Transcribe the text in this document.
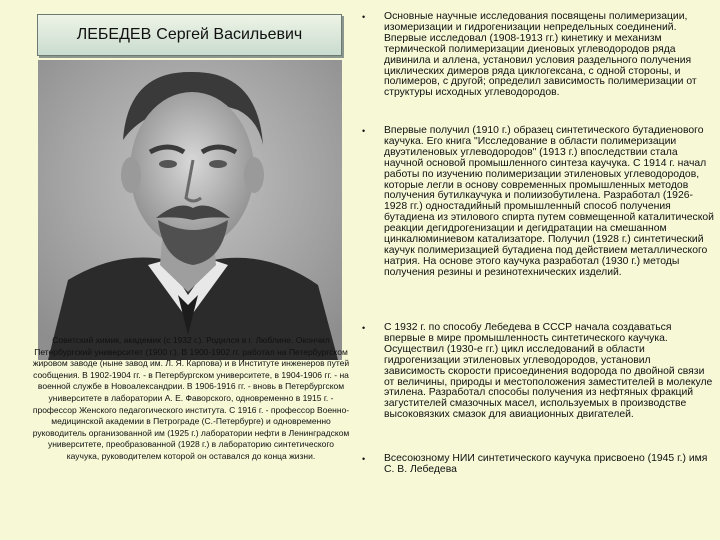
ЛЕБЕДЕВ Сергей Васильевич
Советский химик, академик (с 1932 г.). Родился в г. Люблине. Окончил Петербургский университет (1900 г.). В 1900-1902 гг. работал на Петербургском жировом заводе (ныне завод им. Л. Я. Карпова) и в Институте инженеров путей сообщения. В 1902-1904 гг. - в Петербургском университете, в 1904-1906 гг. - на военной службе в Новоалександрии. В 1906-1916 гг. - вновь в Петербургском университете в лаборатории А. Е. Фаворского, одновременно в 1915 г. - профессор Женского педагогического института. С 1916 г. - профессор Военно-медицинской академии в Петрограде (С.-Петербурге) и одновременно руководитель организованной им (1925 г.) лаборатории нефти в Ленинградском университете, преобразованной (1928 г.) в лабораторию синтетического каучука, руководителем которой он оставался до конца жизни.
•	Основные научные исследования посвящены полимеризации, изомеризации и гидрогенизации непредельных соединений. Впервые исследовал (1908-1913 гг.) кинетику и механизм термической полимеризации диеновых углеводородов ряда дивинила и аллена, установил условия раздельного получения циклических димеров ряда циклогексана, с одной стороны, и полимеров, с другой; определил зависимость полимеризации от структуры исходных углеводородов.
•	Впервые получил (1910 г.) образец синтетического бутадиенового каучука. Его книга "Исследование в области полимеризации двуэтиленовых углеводородов" (1913 г.) впоследствии стала научной основой промышленного синтеза каучука. С 1914 г. начал работы по изучению полимеризации этиленовых углеводородов, которые легли в основу современных промышленных методов получения бутилкаучука и полиизобутилена. Разработал (1926-1928 гг.) одностадийный промышленный способ получения бутадиена из этилового спирта путем совмещенной каталитической реакции дегидрогенизации и дегидратации на смешанном цинкалюминиевом катализаторе. Получил (1928 г.) синтетический каучук полимеризацией бутадиена под действием металлического натрия. На основе этого каучука разработал (1930 г.) методы получения резины и резинотехнических изделий.
•	С 1932 г. по способу Лебедева в СССР начала создаваться впервые в мире промышленность синтетического каучука. Осуществил (1930-е гг.) цикл исследований в области гидрогенизации этиленовых углеводородов, установил зависимость скорости присоединения водорода по двойной связи от величины, природы и местоположения заместителей в молекуле этилена. Разработал способы получения из нефтяных фракций загустителей смазочных масел, используемых в производстве высоковязких смазок для авиационных двигателей.
•	Всесоюзному НИИ синтетического каучука присвоено (1945 г.) имя С. В. Лебедева
